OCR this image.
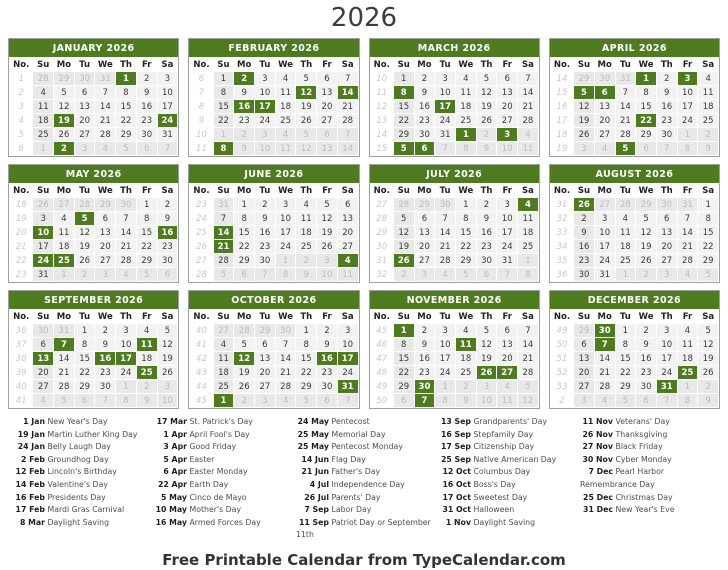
2026
JANUARY 2026
No.	Su	Mo	Tu	We	Th	Fr	Sa
1	28	29	30	31	1	2	3
2	4	5	6	7	8	9	10
3	11	12	13	14	15	16	17
4	18	19	20	21	22	23	24
5	25	26	27	28	29	30	31
6	1	2	3	4	5	6	7
FEBRUARY 2026
No.	Su	Mo	Tu	We	Th	Fr	Sa
6	1	2	3	4	5	6	7
7	8	9	10	11	12	13	14
8	15	16	17	18	19	20	21
9	22	23	24	25	26	27	28
10	1	2	3	4	5	6	7
11	8	9	10	11	12	13	14
MARCH 2026
No.	Su	Mo	Tu	We	Th	Fr	Sa
10	1	2	3	4	5	6	7
11	8	9	10	11	12	13	14
12	15	16	17	18	19	20	21
13	22	23	24	25	26	27	28
14	29	30	31	1	2	3	4
15	5	6	7	8	9	10	11
APRIL 2026
No.	Su	Mo	Tu	We	Th	Fr	Sa
14	29	30	31	1	2	3	4
15	5	6	7	8	9	10	11
16	12	13	14	15	16	17	18
17	19	20	21	22	23	24	25
18	26	27	28	29	30	1	2
19	3	4	5	6	7	8	9
MAY 2026
No.	Su	Mo	Tu	We	Th	Fr	Sa
18	26	27	28	29	30	1	2
19	3	4	5	6	7	8	9
20	10	11	12	13	14	15	16
21	17	18	19	20	21	22	23
22	24	25	26	27	28	29	30
23	31	1	2	3	4	5	6
JUNE 2026
No.	Su	Mo	Tu	We	Th	Fr	Sa
23	31	1	2	3	4	5	6
24	7	8	9	10	11	12	13
25	14	15	16	17	18	19	20
26	21	22	23	24	25	26	27
27	28	29	30	1	2	3	4
28	5	6	7	8	9	10	11
JULY 2026
No.	Su	Mo	Tu	We	Th	Fr	Sa
27	28	29	30	1	2	3	4
28	5	6	7	8	9	10	11
29	12	13	14	15	16	17	18
30	19	20	21	22	23	24	25
31	26	27	28	29	30	31	1
32	2	3	4	5	6	7	8
AUGUST 2026
No.	Su	Mo	Tu	We	Th	Fr	Sa
31	26	27	28	29	30	31	1
32	2	3	4	5	6	7	8
33	9	10	11	12	13	14	15
34	16	17	18	19	20	21	22
35	23	24	25	26	27	28	29
36	30	31	1	2	3	4	5
SEPTEMBER 2026
No.	Su	Mo	Tu	We	Th	Fr	Sa
36	30	31	1	2	3	4	5
37	6	7	8	9	10	11	12
38	13	14	15	16	17	18	19
39	20	21	22	23	24	25	26
40	27	28	29	30	1	2	3
41	4	5	6	7	8	9	10
OCTOBER 2026
No.	Su	Mo	Tu	We	Th	Fr	Sa
40	27	28	29	30	1	2	3
41	4	5	6	7	8	9	10
42	11	12	13	14	15	16	17
43	18	19	20	21	22	23	24
44	25	26	27	28	29	30	31
45	1	2	3	4	5	6	7
NOVEMBER 2026
No.	Su	Mo	Tu	We	Th	Fr	Sa
45	1	2	3	4	5	6	7
46	8	9	10	11	12	13	14
47	15	16	17	18	19	20	21
48	22	23	24	25	26	27	28
49	29	30	1	2	3	4	5
50	6	7	8	9	10	11	12
DECEMBER 2026
No.	Su	Mo	Tu	We	Th	Fr	Sa
49	29	30	1	2	3	4	5
50	6	7	8	9	10	11	12
51	13	14	15	16	17	18	19
52	20	21	22	23	24	25	26
53	27	28	29	30	31	1	2
2	3	4	5	6	7	8	9
1 Jan New Year's Day
19 Jan Martin Luther King Day
24 Jan Belly Laugh Day
2 Feb Groundhog Day
12 Feb Lincoln's Birthday
14 Feb Valentine's Day
16 Feb Presidents Day
17 Feb Mardi Gras Carnival
8 Mar Daylight Saving
17 Mar St. Patrick's Day
1 Apr April Fool's Day
3 Apr Good Friday
5 Apr Easter
6 Apr Easter Monday
22 Apr Earth Day
5 May Cinco de Mayo
10 May Mother's Day
16 May Armed Forces Day
24 May Pentecost
25 May Memorial Day
25 May Pentecost Monday
14 Jun Flag Day
21 Jun Father's Day
4 Jul Independence Day
26 Jul Parents' Day
7 Sep Labor Day
11 Sep Patriot Day or September 11th
13 Sep Grandparents' Day
16 Sep Stepfamily Day
17 Sep Citizenship Day
25 Sep Native American Day
12 Oct Columbus Day
16 Oct Boss's Day
17 Oct Sweetest Day
31 Oct Halloween
1 Nov Daylight Saving
11 Nov Veterans' Day
26 Nov Thanksgiving
27 Nov Black Friday
30 Nov Cyber Monday
7 Dec Pearl Harbor Remembrance Day
25 Dec Christmas Day
31 Dec New Year's Eve
Free Printable Calendar from TypeCalendar.com
